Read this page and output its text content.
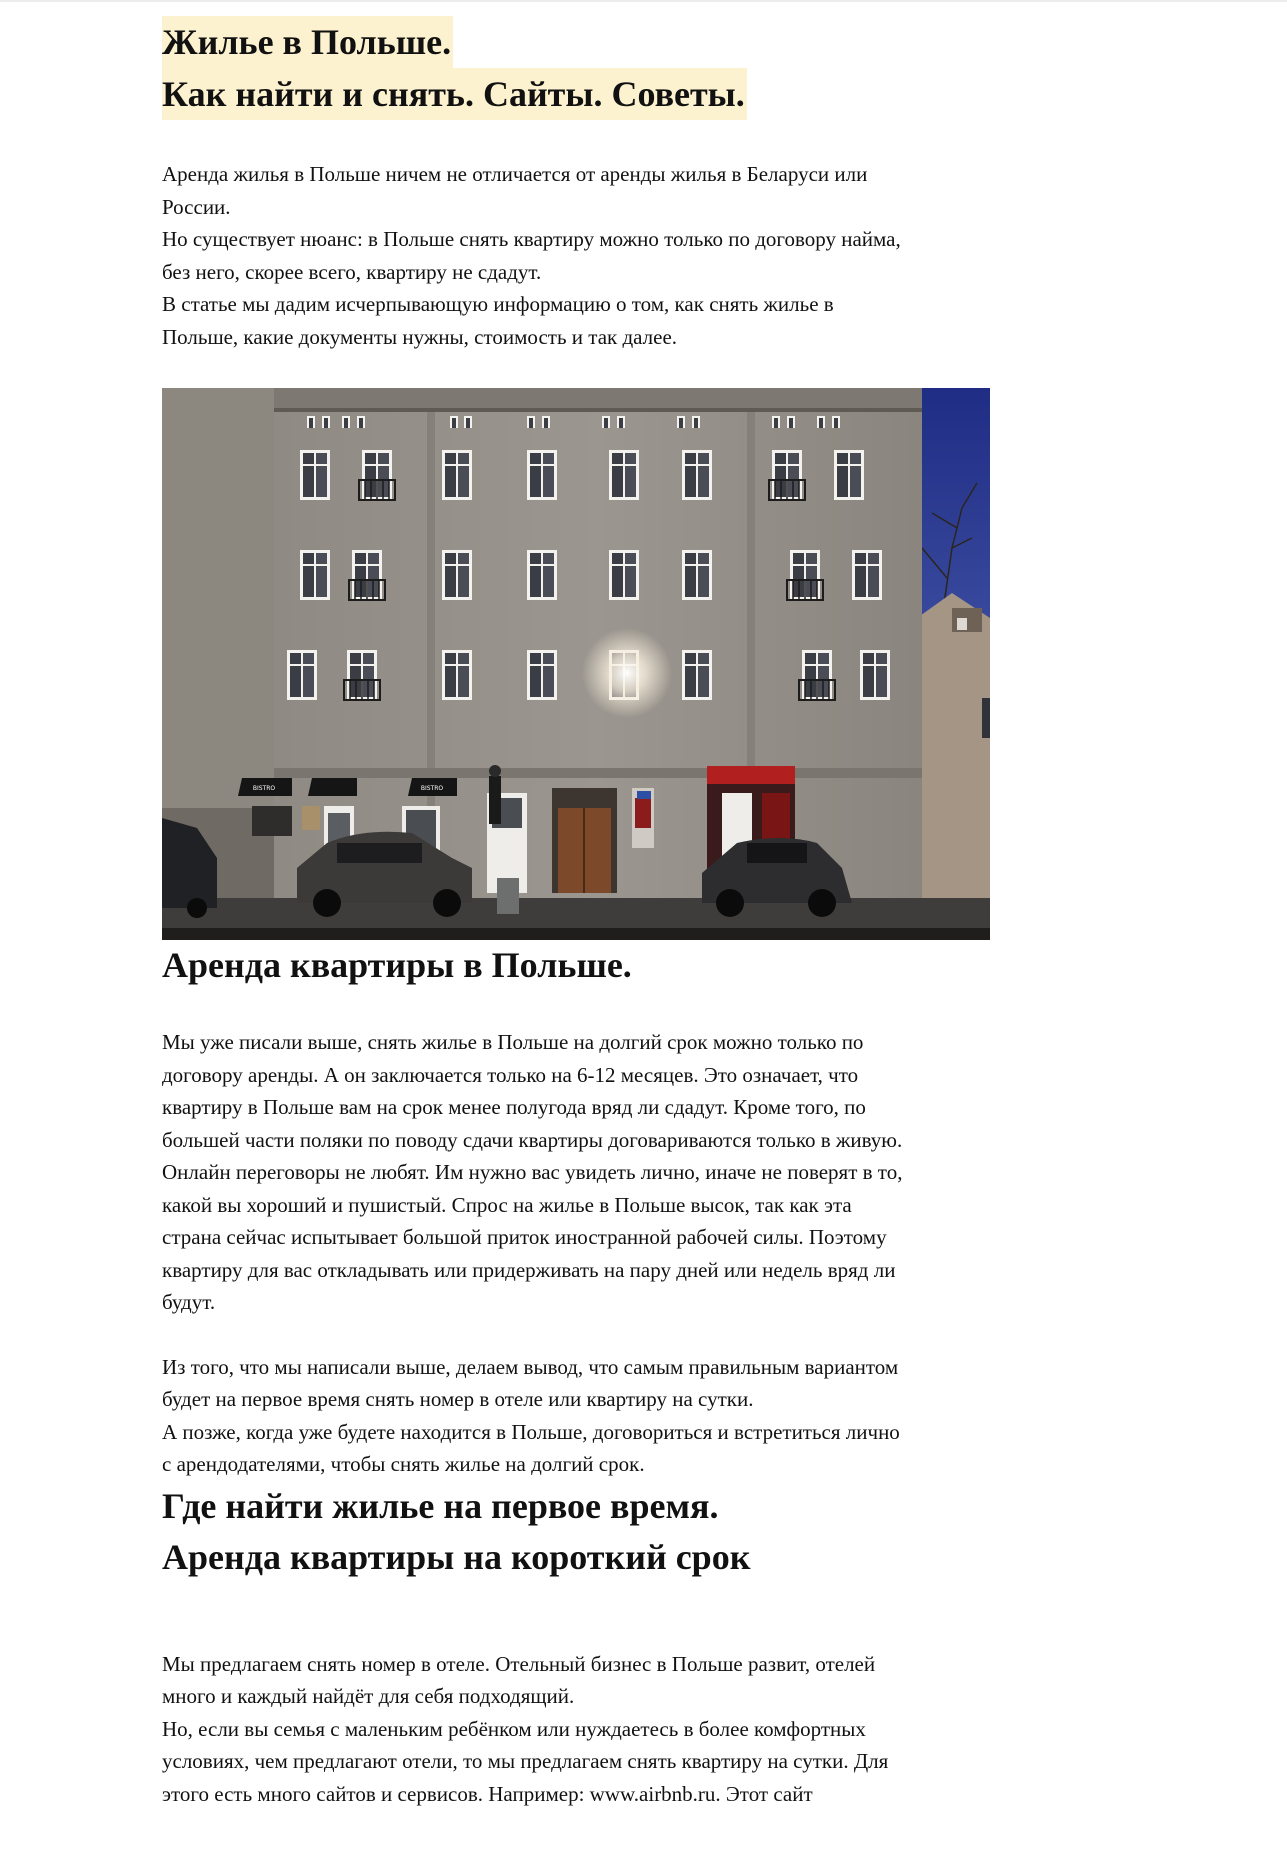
Жилье в Польше.
Как найти и снять. Сайты. Советы.

Аренда жилья в Польше ничем не отличается от аренды жилья в Беларуси или
России.
Но существует нюанс: в Польше снять квартиру можно только по договору найма,
без него, скорее всего, квартиру не сдадут.
В статье мы дадим исчерпывающую информацию о том, как снять жилье в
Польше, какие документы нужны, стоимость и так далее.

BISTRO	BISTRO
Аренда квартиры в Польше.

Мы уже писали выше, снять жилье в Польше на долгий срок можно только по
договору аренды. А он заключается только на 6-12 месяцев. Это означает, что
квартиру в Польше вам на срок менее полугода вряд ли сдадут. Кроме того, по
большей части поляки по поводу сдачи квартиры договариваются только в живую.
Онлайн переговоры не любят. Им нужно вас увидеть лично, иначе не поверят в то,
какой вы хороший и пушистый. Спрос на жилье в Польше высок, так как эта
страна сейчас испытывает большой приток иностранной рабочей силы. Поэтому
квартиру для вас откладывать или придерживать на пару дней или недель вряд ли
будут.

Из того, что мы написали выше, делаем вывод, что самым правильным вариантом
будет на первое время снять номер в отеле или квартиру на сутки.
А позже, когда уже будете находится в Польше, договориться и встретиться лично
с арендодателями, чтобы снять жилье на долгий срок.

Где найти жилье на первое время.
Аренда квартиры на короткий срок

Мы предлагаем снять номер в отеле. Отельный бизнес в Польше развит, отелей
много и каждый найдёт для себя подходящий.
Но, если вы семья с маленьким ребёнком или нуждаетесь в более комфортных
условиях, чем предлагают отели, то мы предлагаем снять квартиру на сутки. Для
этого есть много сайтов и сервисов. Например: www.airbnb.ru. Этот сайт
